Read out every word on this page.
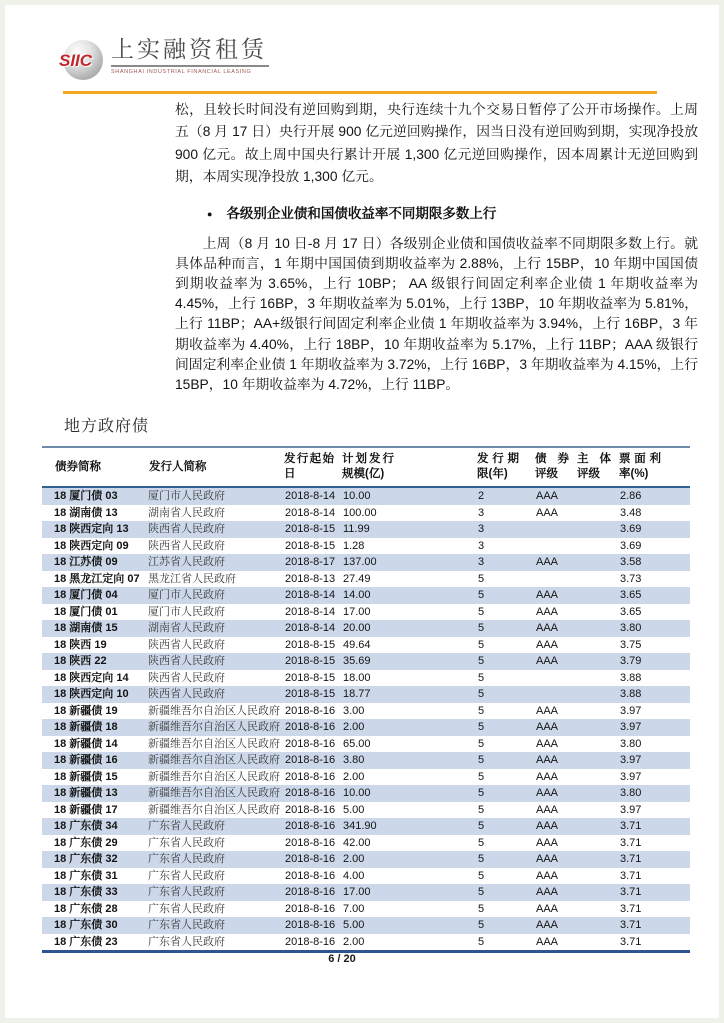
SIIC 上实融资租赁
SHANGHAI INDUSTRIAL FINANCIAL LEASING

松，且较长时间没有逆回购到期，央行连续十九个交易日暂停了公开市场操作。上周五（8 月 17 日）央行开展 900 亿元逆回购操作，因当日没有逆回购到期，实现净投放 900 亿元。故上周中国央行累计开展 1,300 亿元逆回购操作，因本周累计无逆回购到期，本周实现净投放 1,300 亿元。

● 各级别企业债和国债收益率不同期限多数上行

上周（8 月 10 日-8 月 17 日）各级别企业债和国债收益率不同期限多数上行。就具体品种而言，1 年期中国国债到期收益率为 2.88%，上行 15BP，10 年期中国国债到期收益率为 3.65%，上行 10BP； AA 级银行间固定利率企业债 1 年期收益率为 4.45%，上行 16BP，3 年期收益率为 5.01%，上行 13BP，10 年期收益率为 5.81%，上行 11BP；AA+级银行间固定利率企业债 1 年期收益率为 3.94%，上行 16BP，3 年期收益率为 4.40%，上行 18BP，10 年期收益率为 5.17%，上行 11BP；AAA 级银行间固定利率企业债 1 年期收益率为 3.72%，上行 16BP，3 年期收益率为 4.15%，上行 15BP，10 年期收益率为 4.72%，上行 11BP。

地方政府债
债券简称	发行人简称	发行起始日	计划发行规模(亿)	发行期限(年)	债券评级	主体评级	票面利率(%)

18 厦门债 03	厦门市人民政府	2018-8-14	10.00	2	AAA		2.86
18 湖南债 13	湖南省人民政府	2018-8-14	100.00	3	AAA		3.48
18 陕西定向 13	陕西省人民政府	2018-8-15	11.99	3			3.69
18 陕西定向 09	陕西省人民政府	2018-8-15	1.28	3			3.69
18 江苏债 09	江苏省人民政府	2018-8-17	137.00	3	AAA		3.58
18 黑龙江定向 07	黑龙江省人民政府	2018-8-13	27.49	5			3.73
18 厦门债 04	厦门市人民政府	2018-8-14	14.00	5	AAA		3.65
18 厦门债 01	厦门市人民政府	2018-8-14	17.00	5	AAA		3.65
18 湖南债 15	湖南省人民政府	2018-8-14	20.00	5	AAA		3.80
18 陕西 19	陕西省人民政府	2018-8-15	49.64	5	AAA		3.75
18 陕西 22	陕西省人民政府	2018-8-15	35.69	5	AAA		3.79
18 陕西定向 14	陕西省人民政府	2018-8-15	18.00	5			3.88
18 陕西定向 10	陕西省人民政府	2018-8-15	18.77	5			3.88
18 新疆债 19	新疆维吾尔自治区人民政府	2018-8-16	3.00	5	AAA		3.97
18 新疆债 18	新疆维吾尔自治区人民政府	2018-8-16	2.00	5	AAA		3.97
18 新疆债 14	新疆维吾尔自治区人民政府	2018-8-16	65.00	5	AAA		3.80
18 新疆债 16	新疆维吾尔自治区人民政府	2018-8-16	3.80	5	AAA		3.97
18 新疆债 15	新疆维吾尔自治区人民政府	2018-8-16	2.00	5	AAA		3.97
18 新疆债 13	新疆维吾尔自治区人民政府	2018-8-16	10.00	5	AAA		3.80
18 新疆债 17	新疆维吾尔自治区人民政府	2018-8-16	5.00	5	AAA		3.97
18 广东债 34	广东省人民政府	2018-8-16	341.90	5	AAA		3.71
18 广东债 29	广东省人民政府	2018-8-16	42.00	5	AAA		3.71
18 广东债 32	广东省人民政府	2018-8-16	2.00	5	AAA		3.71
18 广东债 31	广东省人民政府	2018-8-16	4.00	5	AAA		3.71
18 广东债 33	广东省人民政府	2018-8-16	17.00	5	AAA		3.71
18 广东债 28	广东省人民政府	2018-8-16	7.00	5	AAA		3.71
18 广东债 30	广东省人民政府	2018-8-16	5.00	5	AAA		3.71
18 广东债 23	广东省人民政府	2018-8-16	2.00	5	AAA		3.71
6 / 20
